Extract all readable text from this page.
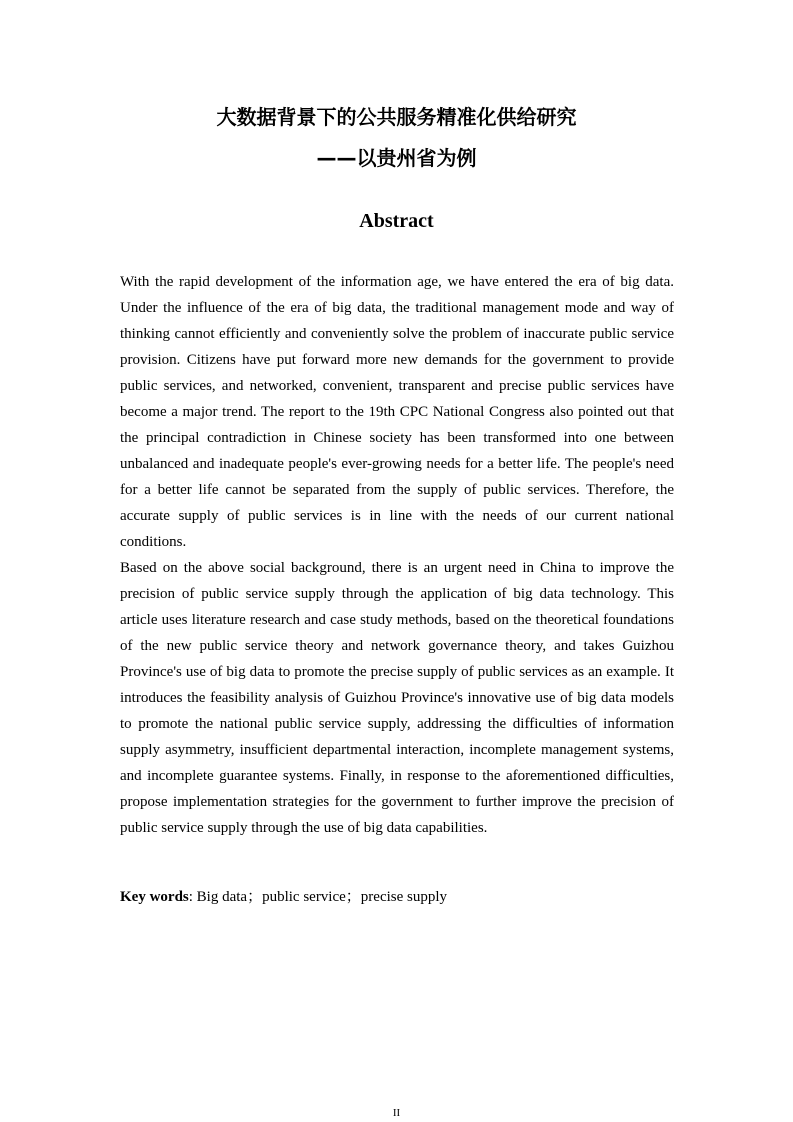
大数据背景下的公共服务精准化供给研究
——以贵州省为例
Abstract

With the rapid development of the information age, we have entered the era of big data. Under the influence of the era of big data, the traditional management mode and way of thinking cannot efficiently and conveniently solve the problem of inaccurate public service provision. Citizens have put forward more new demands for the government to provide public services, and networked, convenient, transparent and precise public services have become a major trend. The report to the 19th CPC National Congress also pointed out that the principal contradiction in Chinese society has been transformed into one between unbalanced and inadequate people's ever-growing needs for a better life. The people's need for a better life cannot be separated from the supply of public services. Therefore, the accurate supply of public services is in line with the needs of our current national conditions.

Based on the above social background, there is an urgent need in China to improve the precision of public service supply through the application of big data technology. This article uses literature research and case study methods, based on the theoretical foundations of the new public service theory and network governance theory, and takes Guizhou Province's use of big data to promote the precise supply of public services as an example. It introduces the feasibility analysis of Guizhou Province's innovative use of big data models to promote the national public service supply, addressing the difficulties of information supply asymmetry, insufficient departmental interaction, incomplete management systems, and incomplete guarantee systems. Finally, in response to the aforementioned difficulties, propose implementation strategies for the government to further improve the precision of public service supply through the use of big data capabilities.

Key words: Big data；public service；precise supply

II
